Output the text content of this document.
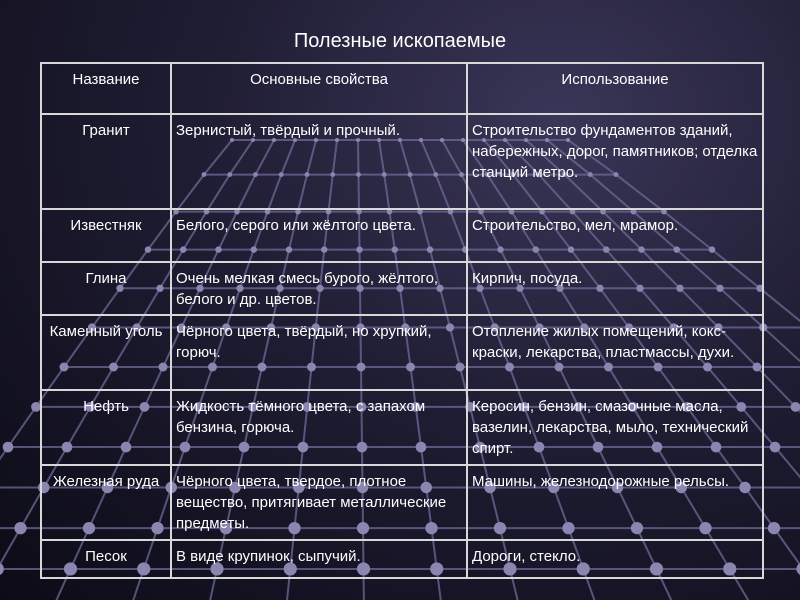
Полезные ископаемые
Название	Основные свойства	Использование
Гранит	Зернистый, твёрдый и прочный.	Строительство фундаментов зданий, набережных, дорог, памятников; отделка станций метро.
Известняк	Белого, серого или жёлтого цвета.	Строительство, мел, мрамор.
Глина	Очень мелкая смесь бурого, жёлтого, белого и др. цветов.	Кирпич, посуда.
Каменный уголь	Чёрного цвета, твёрдый, но хрупкий, горюч.	Отопление жилых помещений, кокс-краски, лекарства, пластмассы, духи.
Нефть	Жидкость тёмного цвета, с запахом бензина, горюча.	Керосин, бензин, смазочные масла, вазелин, лекарства, мыло, технический спирт.
Железная руда	Чёрного цвета, твердое, плотное вещество, притягивает металлические предметы.	Машины, железнодорожные рельсы.
Песок	В виде крупинок, сыпучий.	Дороги, стекло.
